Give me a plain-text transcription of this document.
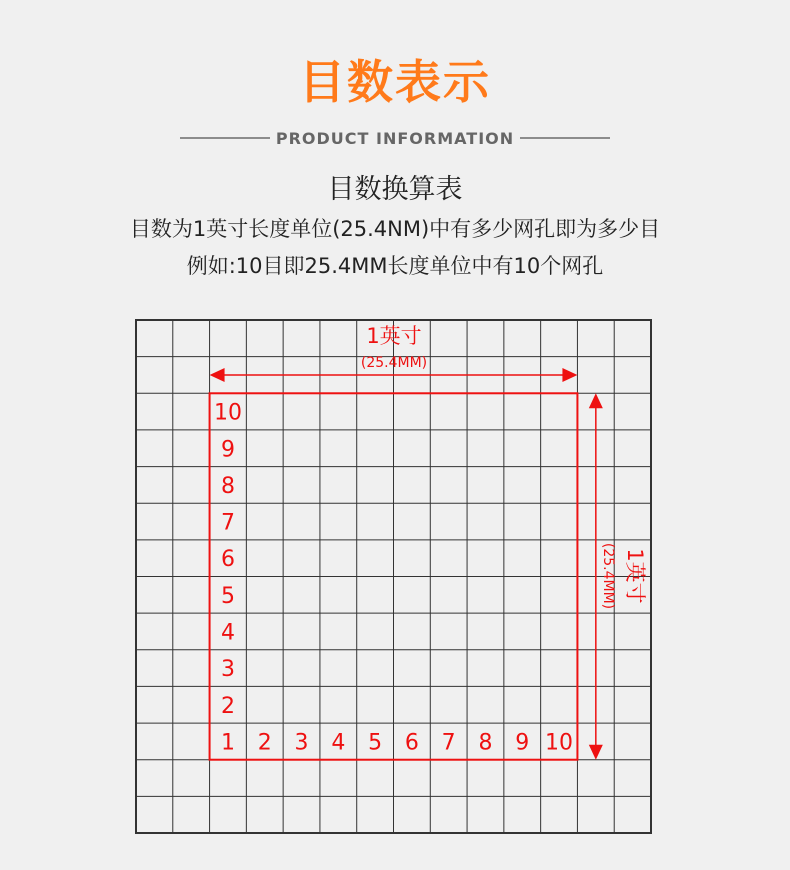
目数表示
PRODUCT INFORMATION
目数换算表
目数为1英寸长度单位(25.4NM)中有多少网孔即为多少目
例如:10目即25.4MM长度单位中有10个网孔
1英寸
(25.4MM)
1英寸
(25.4MM)
1 2 3 4 5 6 7 8 9 10
10
9
8
7
6
5
4
3
2
